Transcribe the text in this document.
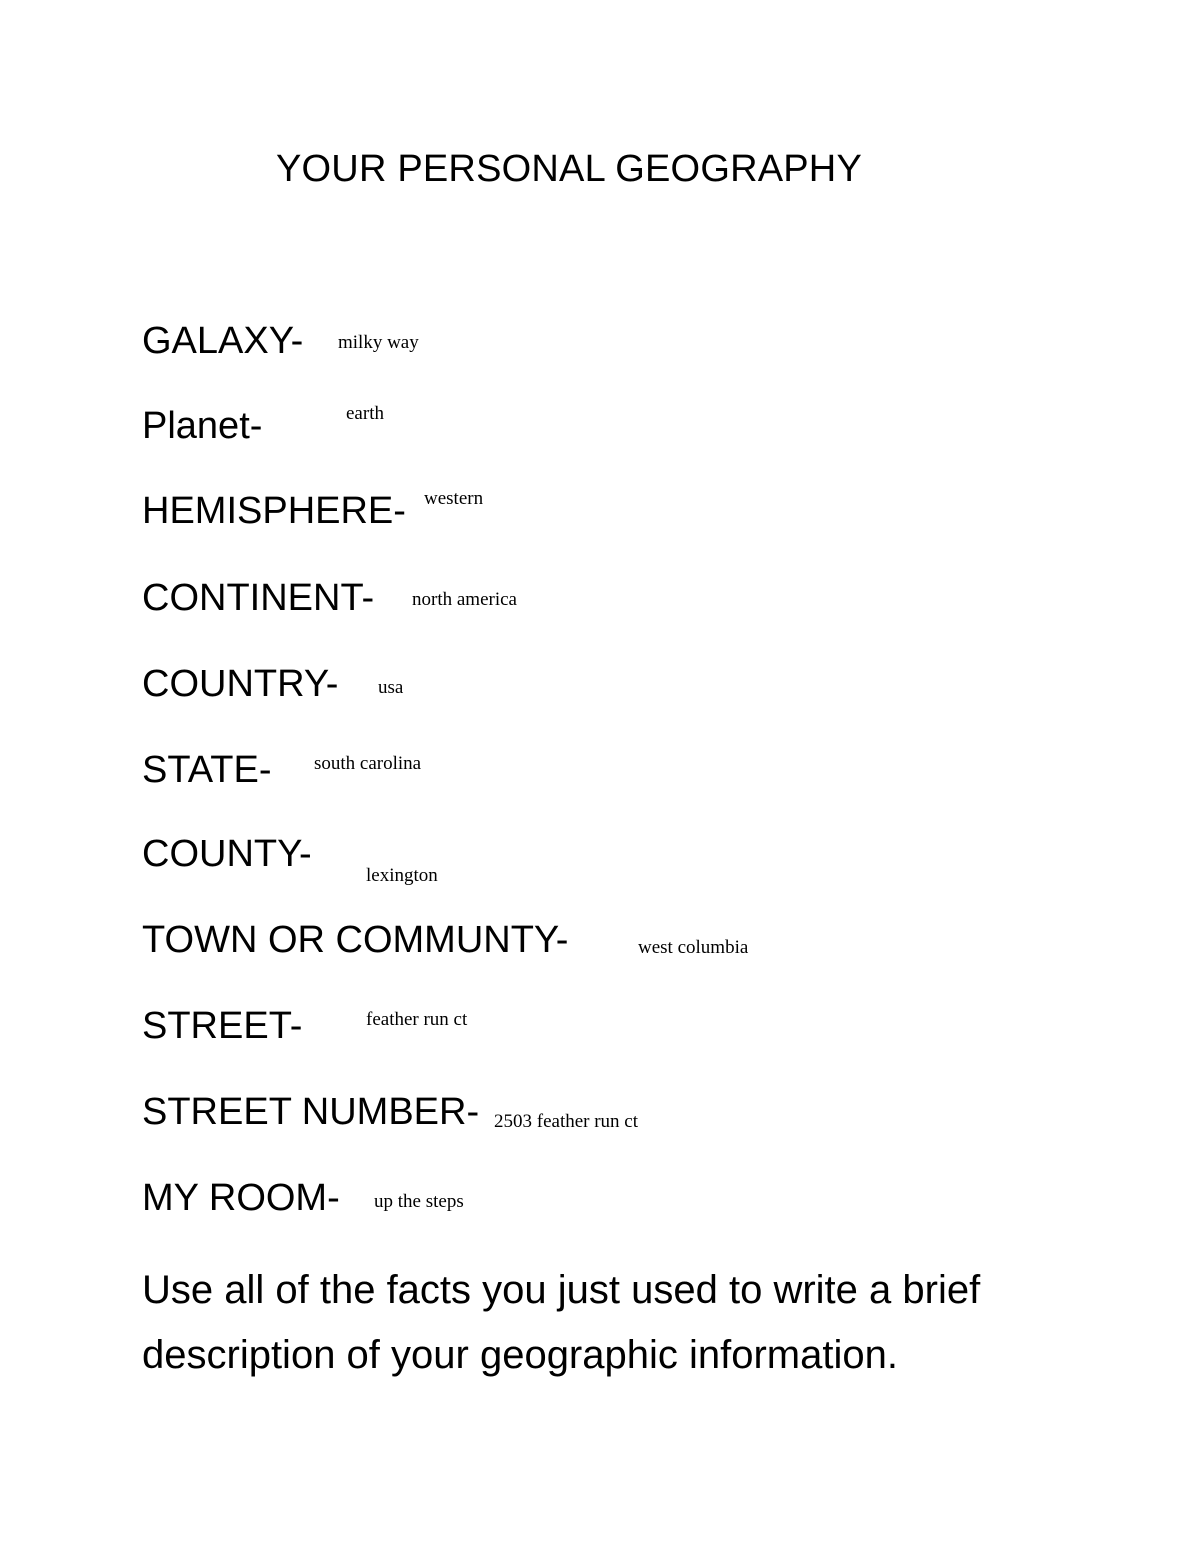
YOUR PERSONAL GEOGRAPHY
GALAXY- milky way
Planet-	earth
HEMISPHERE- western
CONTINENT- north america
COUNTRY- usa
STATE- south carolina
COUNTY-
lexington
TOWN OR COMMUNTY-	west columbia
STREET-	feather run ct
STREET NUMBER- 2503 feather run ct
MY ROOM- up the steps
Use all of the facts you just used to write a brief
description of your geographic information.
